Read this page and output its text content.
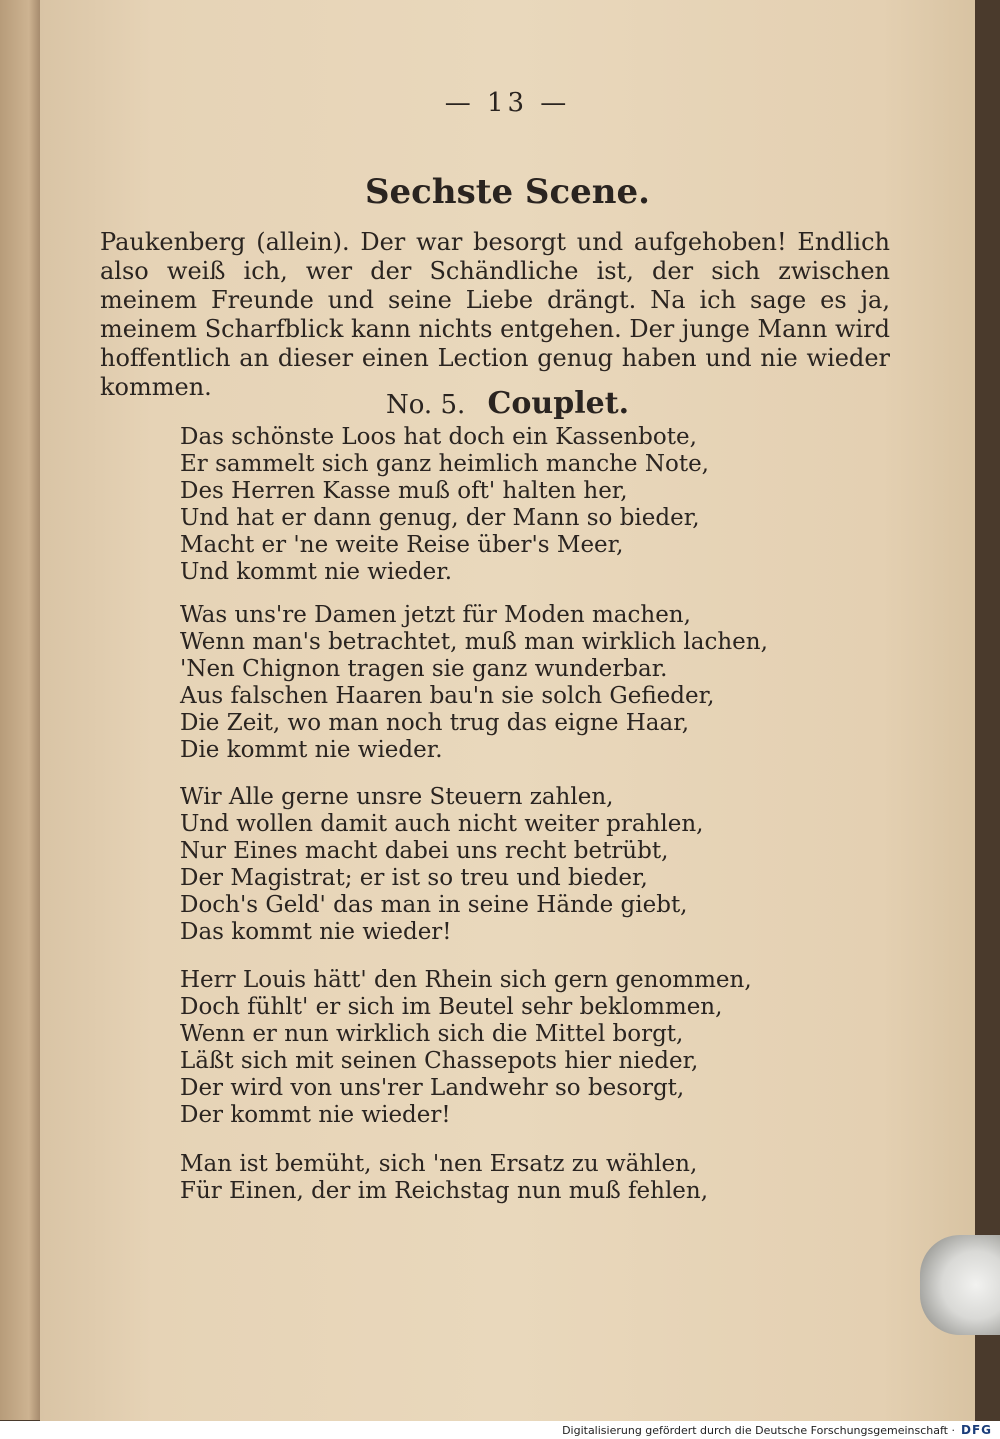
— 13 —
Sechste Scene.
Paukenberg (allein). Der war besorgt und aufgehoben! Endlich also weiß ich, wer der Schändliche ist, der sich zwischen meinem Freunde und seine Liebe drängt. Na ich sage es ja, meinem Scharfblick kann nichts entgehen. Der junge Mann wird hoffentlich an dieser einen Lection genug haben und nie wieder kommen.
No. 5. Couplet.
Das schönste Loos hat doch ein Kassenbote,
Er sammelt sich ganz heimlich manche Note,
Des Herren Kasse muß oft' halten her,
Und hat er dann genug, der Mann so bieder,
Macht er 'ne weite Reise über's Meer,
Und kommt nie wieder.
Was uns're Damen jetzt für Moden machen,
Wenn man's betrachtet, muß man wirklich lachen,
'Nen Chignon tragen sie ganz wunderbar.
Aus falschen Haaren bau'n sie solch Gefieder,
Die Zeit, wo man noch trug das eigne Haar,
Die kommt nie wieder.
Wir Alle gerne unsre Steuern zahlen,
Und wollen damit auch nicht weiter prahlen,
Nur Eines macht dabei uns recht betrübt,
Der Magistrat; er ist so treu und bieder,
Doch's Geld' das man in seine Hände giebt,
Das kommt nie wieder!
Herr Louis hätt' den Rhein sich gern genommen,
Doch fühlt' er sich im Beutel sehr beklommen,
Wenn er nun wirklich sich die Mittel borgt,
Läßt sich mit seinen Chassepots hier nieder,
Der wird von uns'rer Landwehr so besorgt,
Der kommt nie wieder!
Man ist bemüht, sich 'nen Ersatz zu wählen,
Für Einen, der im Reichstag nun muß fehlen,
Digitalisierung gefördert durch die Deutsche Forschungsgemeinschaft · DFG
